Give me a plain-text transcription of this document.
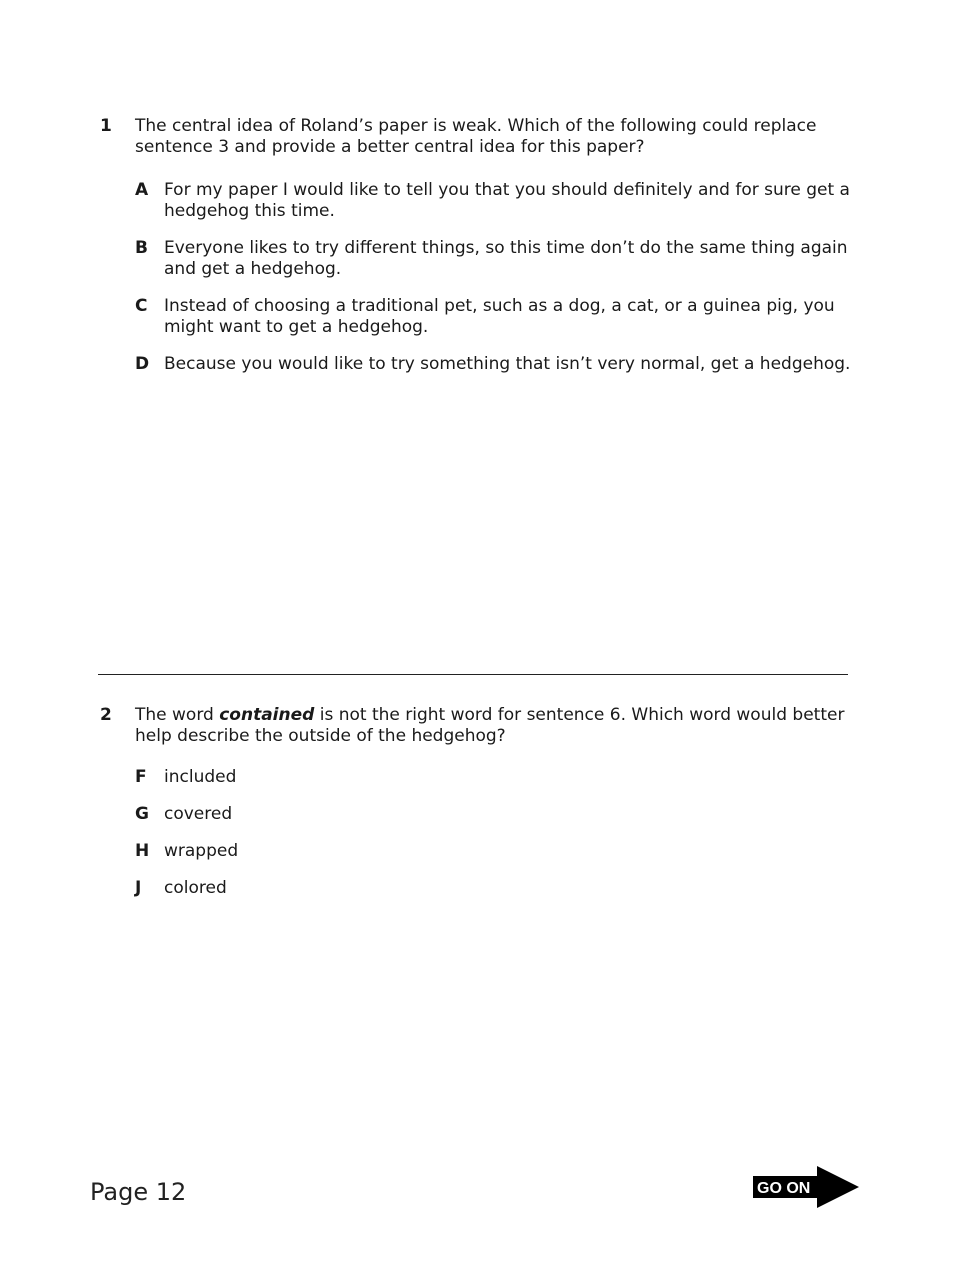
1 The central idea of Roland’s paper is weak. Which of the following could replace sentence 3 and provide a better central idea for this paper?
A For my paper I would like to tell you that you should definitely and for sure get a hedgehog this time.
B Everyone likes to try different things, so this time don’t do the same thing again and get a hedgehog.
C Instead of choosing a traditional pet, such as a dog, a cat, or a guinea pig, you might want to get a hedgehog.
D Because you would like to try something that isn’t very normal, get a hedgehog.
2 The word contained is not the right word for sentence 6. Which word would better help describe the outside of the hedgehog?
F	included
G covered
H wrapped
J	colored
Page 12	GO ON
